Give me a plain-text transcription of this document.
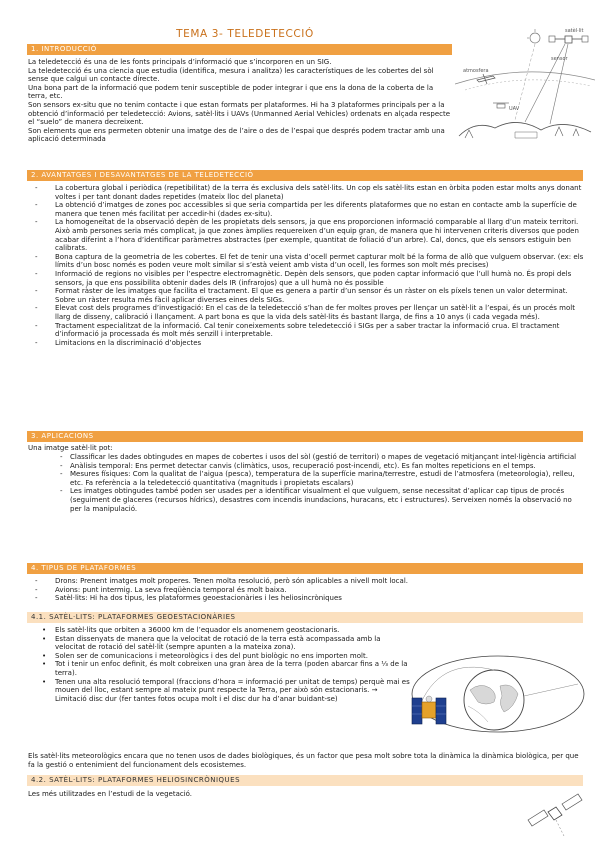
TEMA 3- TELEDETECCIÓ	satèl·lit
atmosfera
UAV
sensor
1. INTRODUCCIÓ

La teledetecció és una de les fonts principals d’informació que s’incorporen en un SIG.

La teledetecció és una ciencia que estudia (identifica, mesura i analitza) les característiques de les cobertes del sòl sense que calgui un contacte directe.

Una bona part de la informació que podem tenir susceptible de poder integrar i que ens la dona de la coberta de la terra, etc.

Son sensors ex-situ que no tenim contacte i que estan formats per plataformes. Hi ha 3 plataformes principals per a la obtenció d’informació per teledetecció: Avions, satèl·lits i UAVs (Unmanned Aerial Vehicles) ordenats en alçada respecte el “suelo” de manera decreixent.

Son elements que ens permeten obtenir una imatge des de l’aire o des de l’espai que després podem tractar amb una aplicació determinada

2. AVANTATGES I DESAVANTATGES DE LA TELEDETECCIÓ
- La cobertura global i periòdica (repetibilitat) de la terra és exclusiva dels satèl·lits. Un cop els satèl·lits estan en òrbita poden estar molts anys donant voltes i per tant donant dades repetides (mateix lloc del planeta)
- La obtenció d’imatges de zones poc accessibles si que seria compartida per les diferents plataformes que no estan en contacte amb la superfície de manera que tenen més facilitat per accedir-hi (dades ex-situ).
- La homogeneïtat de la observació depèn de les propietats dels sensors, ja que ens proporcionen informació comparable al llarg d’un mateix territori. Això amb persones seria més complicat, ja que zones àmplies requereixen d’un equip gran, de manera que hi intervenen criteris diversos que poden acabar diferint a l’hora d’identificar paràmetres abstractes (per exemple, quantitat de foliació d’un arbre). Cal, doncs, que els sensors estiguin ben calibrats.
- Bona captura de la geometria de les cobertes. El fet de tenir una vista d’ocell permet capturar molt bé la forma de allò que vulguem observar. (ex: els límits d’un bosc només es poden veure molt similar si s’està veient amb vista d’un ocell, les formes son molt més precises)
- Informació de regions no visibles per l’espectre electromagnètic. Depèn dels sensors, que poden captar informació que l’ull humà no. És propi dels sensors, ja que ens possibilita obtenir dades dels IR (infrarojos) que a ull humà no és possible
- Format ràster de les imatges que facilita el tractament. El que es genera a partir d’un sensor és un ràster on els píxels tenen un valor determinat. Sobre un ràster resulta més fàcil aplicar diverses eines dels SIGs.
- Elevat cost dels programes d’investigació: En el cas de la teledetecció s’han de fer moltes proves per llençar un satèl·lit a l’espai, és un procés molt llarg de disseny, calibració i llançament. A part bona es que la vida dels satèl·lits és bastant llarga, de fins a 10 anys (i cada vegada més).
- Tractament especialitzat de la informació. Cal tenir coneixements sobre teledetecció i SIGs per a saber tractar la informació crua. El tractament d’informació ja processada és molt més senzill i interpretable.
- Limitacions en la discriminació d’objectes
3. APLICACIONS
Una imatge satèl·lit pot:
- Classificar les dades obtingudes en mapes de cobertes i usos del sòl (gestió de territori) o mapes de vegetació mitjançant intel·ligència artificial
- Anàlisis temporal: Ens permet detectar canvis (climàtics, usos, recuperació post-incendi, etc). Es fan moltes repeticions en el temps.
- Mesures físiques: Com la qualitat de l’aigua (pesca), temperatura de la superfície marina/terrestre, estudi de l’atmosfera (meteorologia), relleu, etc. Fa referència a la teledetecció quantitativa (magnituds i propietats escalars)
- Les imatges obtingudes també poden ser usades per a identificar visualment el que vulguem, sense necessitat d’aplicar cap tipus de procés (seguiment de glaceres (recursos hídrics), desastres com incendis inundacions, huracans, etc i estructures). Serveixen només la observació no per la manipulació.
4. TIPUS DE PLATAFORMES
- Drons: Prenent imatges molt properes. Tenen molta resolució, però són aplicables a nivell molt local.
- Avions: punt intermig. La seva freqüència temporal és molt baixa.
- Satèl·lits: Hi ha dos tipus, les plataformes geoestacionàries i les heliosincròniques
4.1. SATÈL·LITS: PLATAFORMES GEOESTACIONÀRIES
• Els satèl·lits que orbiten a 36000 km de l’equador els anomenem geostacionaris.
• Estan dissenyats de manera que la velocitat de rotació de la terra està acompassada amb la velocitat de rotació del satèl·lit (sempre apunten a la mateixa zona).
• Solen ser de comunicacions i meteorològics i des del punt biològic no ens importen molt.
• Tot i tenir un enfoc definit, és molt cobreixen una gran àrea de la terra (poden abarcar fins a ⅓ de la terra).
• Tenen una alta resolució temporal (fraccions d’hora = informació per unitat de temps) perquè mai es mouen del lloc, estant sempre al mateix punt respecte la Terra, per això són estacionaris. → Limitació disc dur (fer tantes fotos ocupa molt i el disc dur ha d’anar buidant-se)
Els satèl·lits meteorològics encara que no tenen usos de dades biològiques, és un factor que pesa molt sobre tota la dinàmica la dinàmica biològica, per que fa la gestió o entenimient del funcionament dels ecosistemes.
4.2. SATÈL·LITS: PLATAFORMES HELIOSINCRÒNIQUES
Les més utilitzades en l’estudi de la vegetació.
